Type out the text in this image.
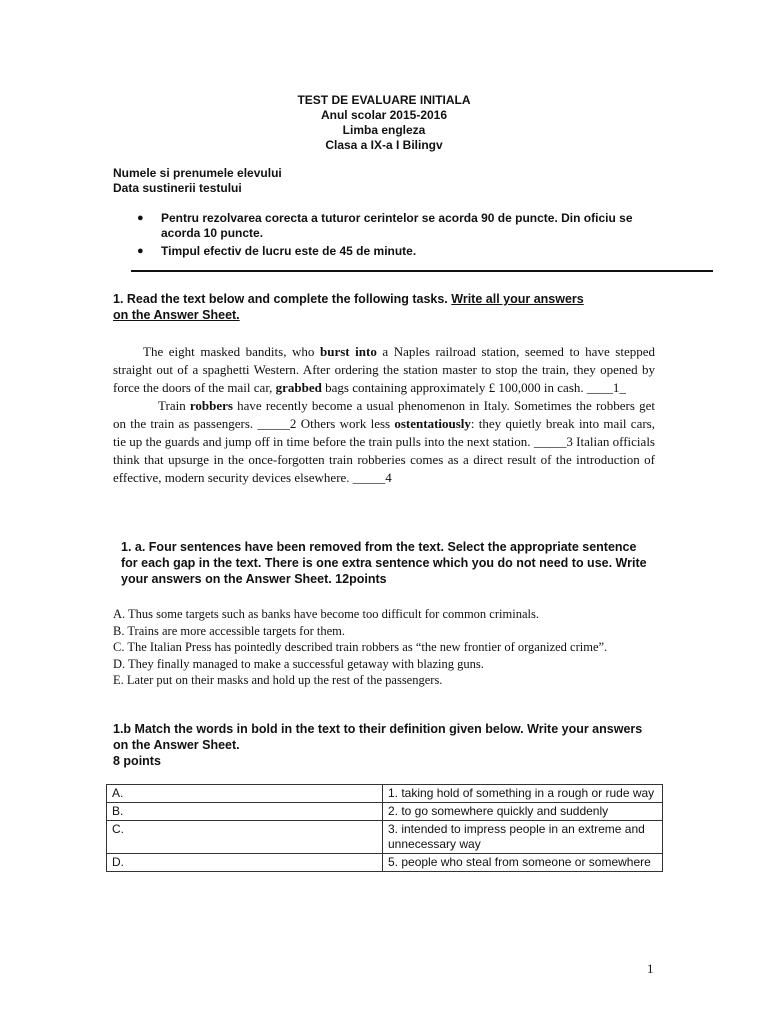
TEST DE EVALUARE INITIALA
Anul scolar 2015-2016
Limba engleza
Clasa a IX-a I Bilingv
Numele si prenumele elevului
Data sustinerii testului
● Pentru rezolvarea corecta a tuturor cerintelor se acorda 90 de puncte. Din oficiu se acorda 10 puncte.
● Timpul efectiv de lucru este de 45 de minute.
1. Read the text below and complete the following tasks. Write all your answers
on the Answer Sheet.

The eight masked bandits, who burst into a Naples railroad station, seemed to have stepped straight out of a spaghetti Western. After ordering the station master to stop the train, they opened by force the doors of the mail car, grabbed bags containing approximately £ 100,000 in cash. ____1_

Train robbers have recently become a usual phenomenon in Italy. Sometimes the robbers get on the train as passengers. _____2 Others work less ostentatiously: they quietly break into mail cars, tie up the guards and jump off in time before the train pulls into the next station. _____3 Italian officials think that upsurge in the once-forgotten train robberies comes as a direct result of the introduction of effective, modern security devices elsewhere. _____4

1. a. Four sentences have been removed from the text. Select the appropriate sentence for each gap in the text. There is one extra sentence which you do not need to use. Write your answers on the Answer Sheet. 12points
A. Thus some targets such as banks have become too difficult for common criminals.
B. Trains are more accessible targets for them.
C. The Italian Press has pointedly described train robbers as “the new frontier of organized crime”.
D. They finally managed to make a successful getaway with blazing guns.
E. Later put on their masks and hold up the rest of the passengers.
1.b Match the words in bold in the text to their definition given below. Write your answers on the Answer Sheet.
8 points
A.	1. taking hold of something in a rough or rude way
B.	2. to go somewhere quickly and suddenly
C.	3. intended to impress people in an extreme and unnecessary way
D.	5. people who steal from someone or somewhere
1
